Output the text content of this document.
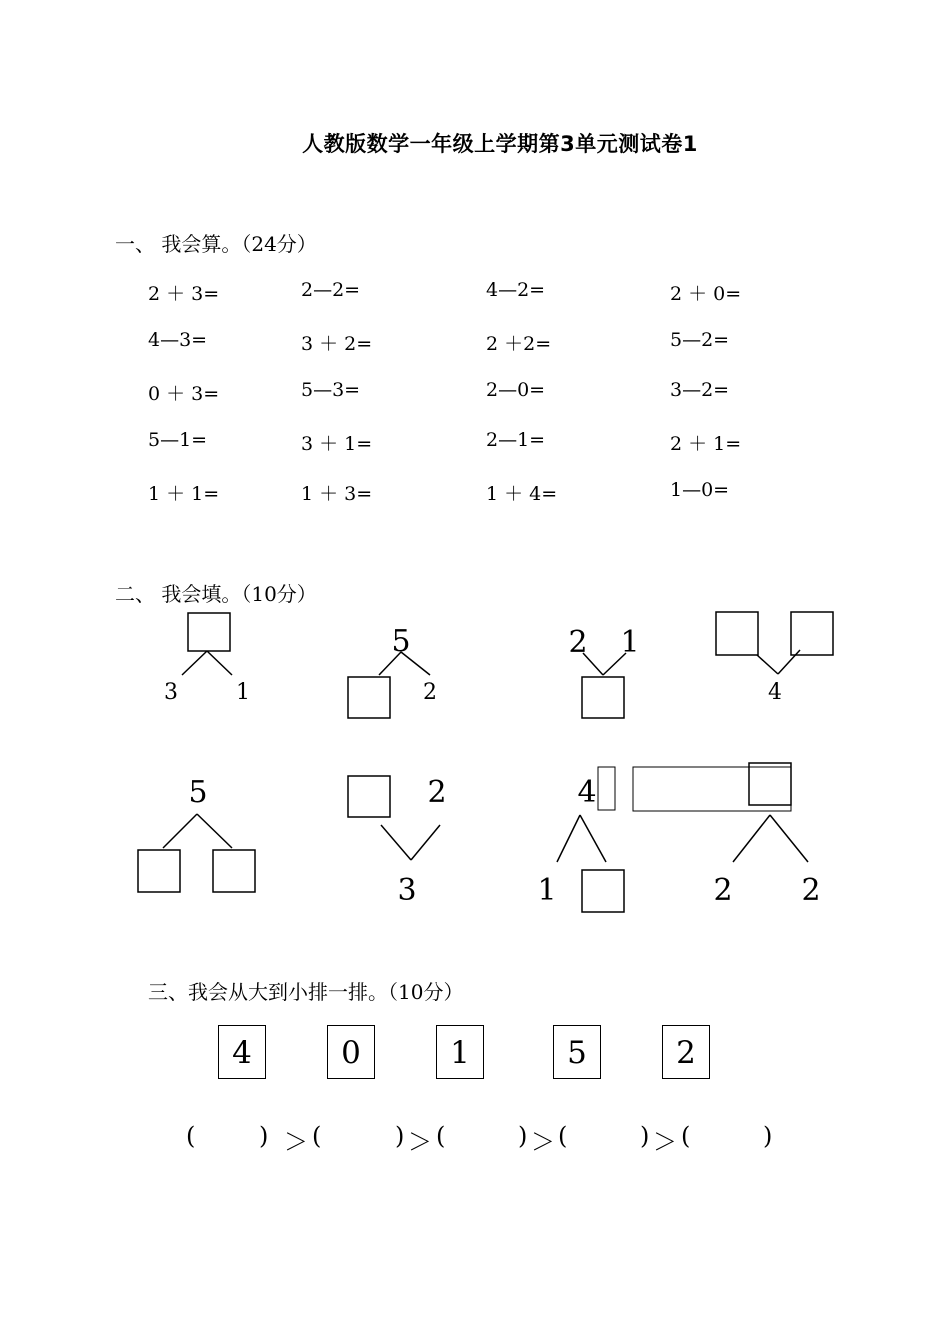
人教版数学一年级上学期第3单元测试卷1
一、 我会算。（24分）
2 ＋ 3=	2—2=	4—2=	2 ＋ 0=
4—3=	3 ＋ 2=	2 ＋2=	5—2=
0 ＋ 3=	5—3=	2—0=	3—2=
5—1=	3 ＋ 1=	2—1=	2 ＋ 1=
1 ＋ 1=	1 ＋ 3=	1 ＋ 4=	1—0=
二、 我会填。（10分）
3	1
5
2
2 1
4
5	2
3
4
1	2 2
三、我会从大到小排一排。（10分）
4	0	1	5	2
(	) ＞ (	) ＞ (	) ＞ (	) ＞ (	)
